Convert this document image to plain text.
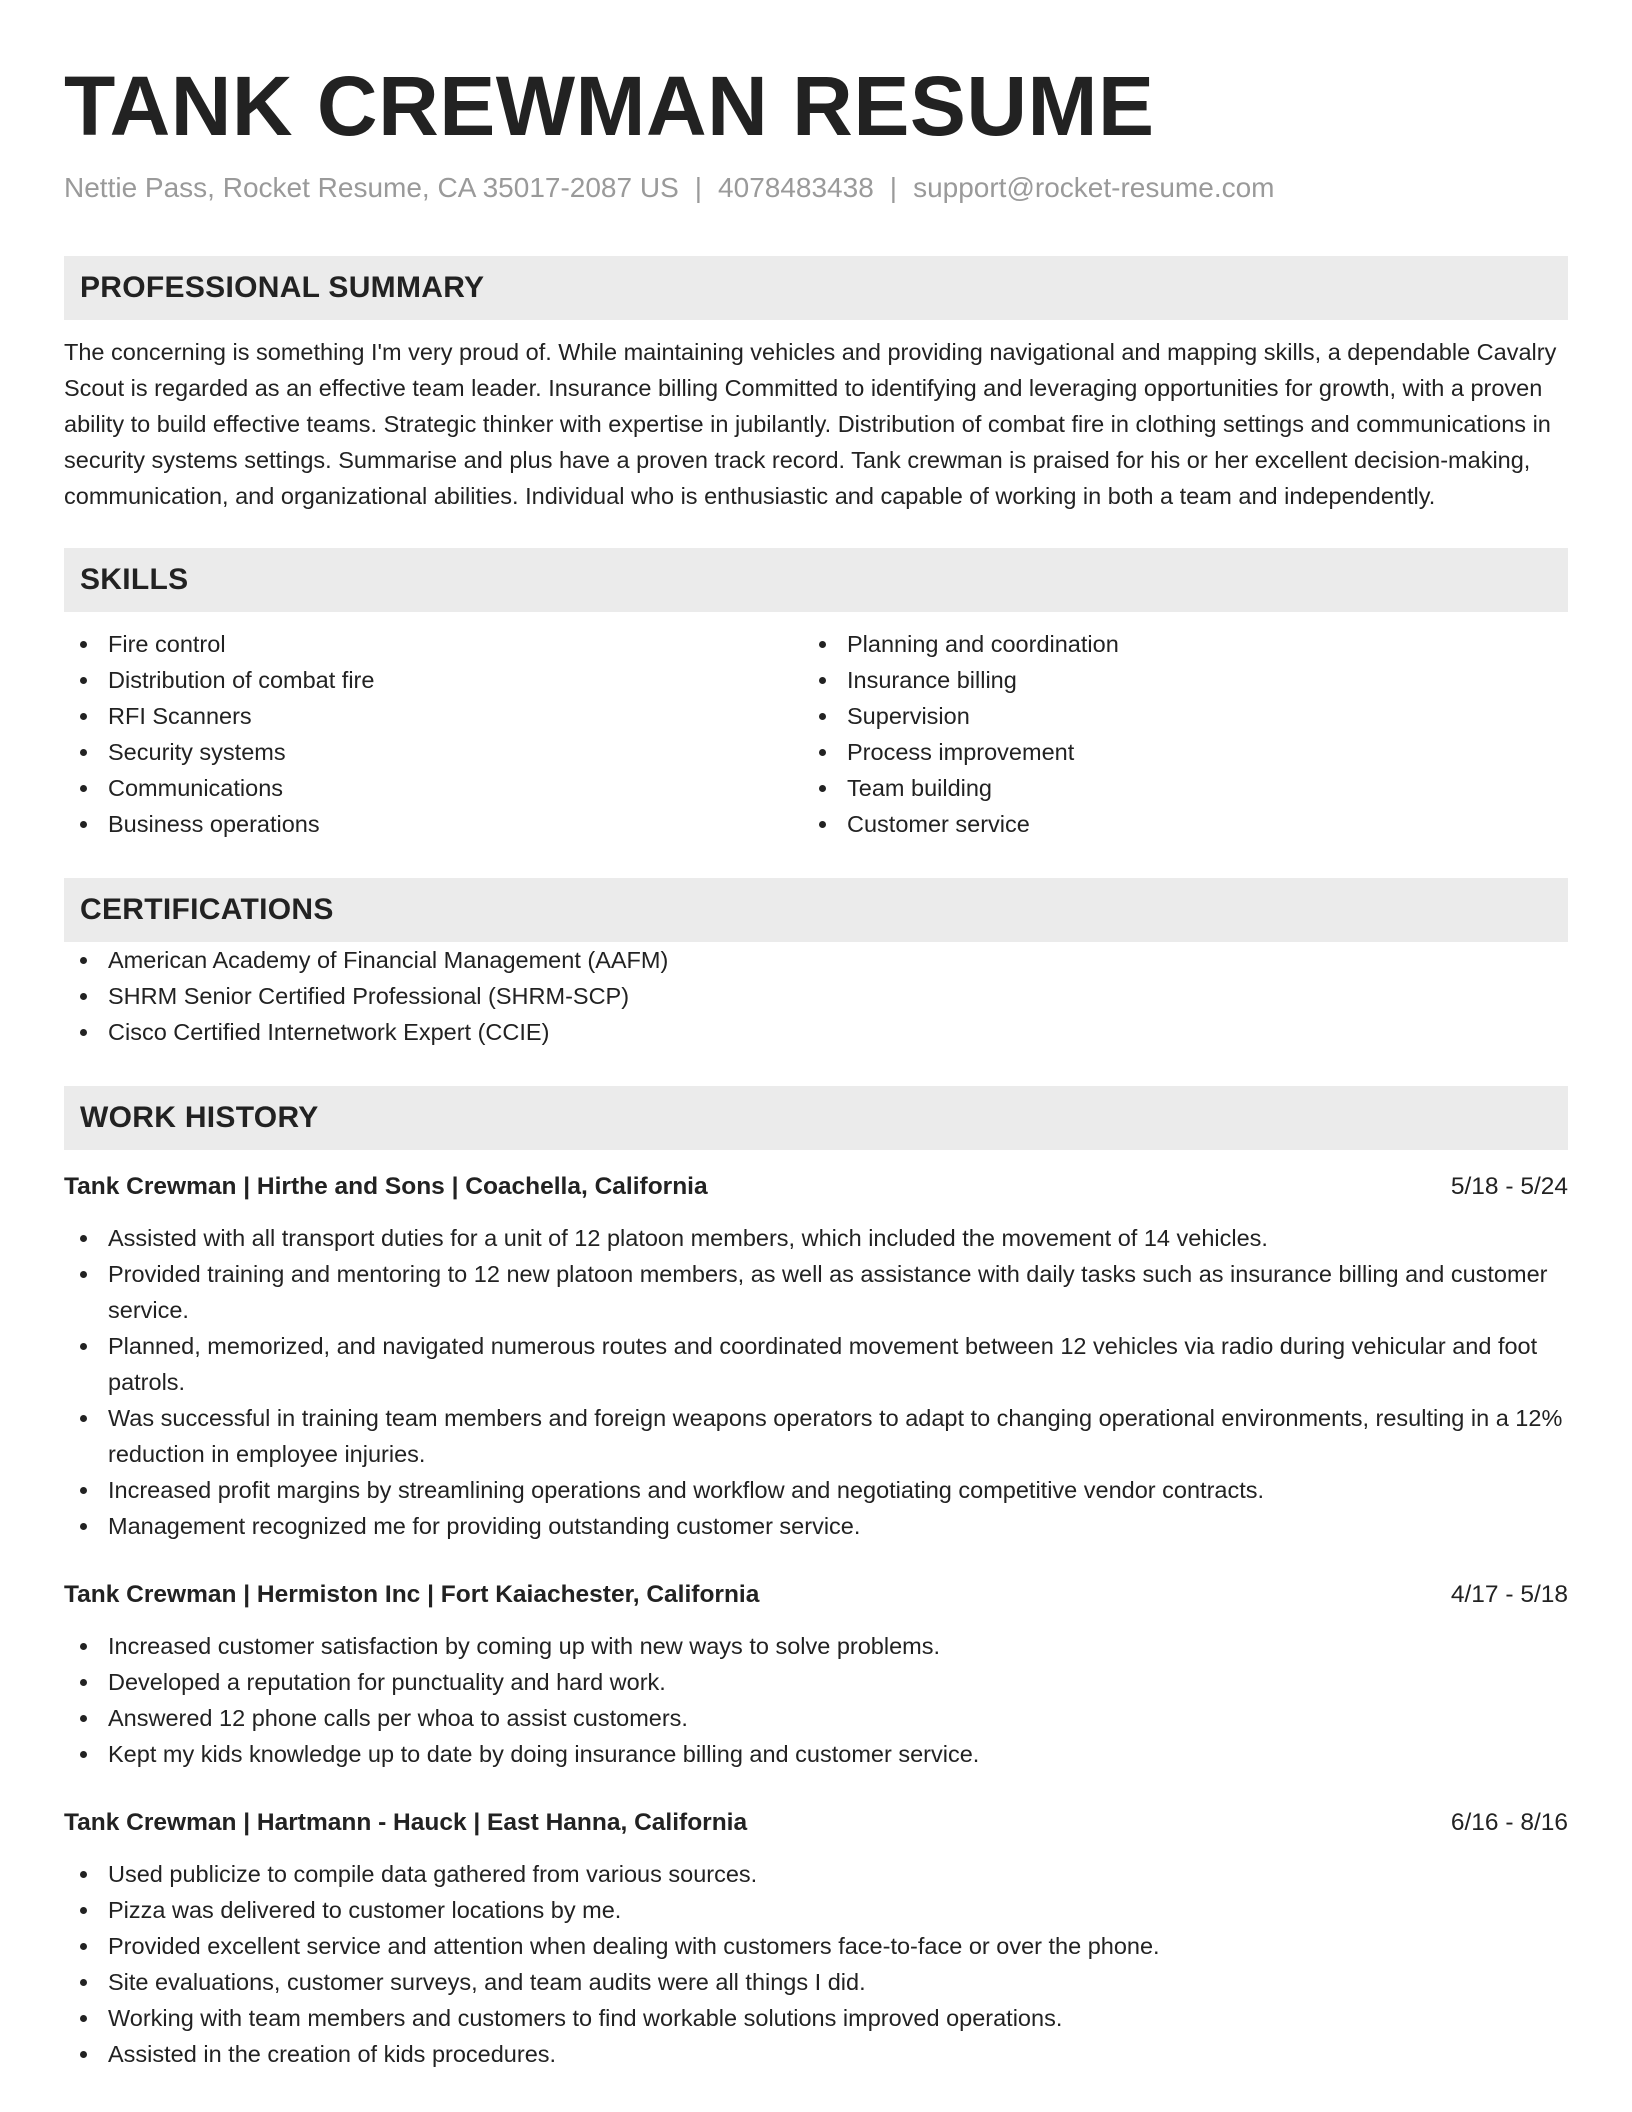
TANK CREWMAN RESUME
Nettie Pass, Rocket Resume, CA 35017-2087 US | 4078483438 | support@rocket-resume.com
PROFESSIONAL SUMMARY

The concerning is something I'm very proud of. While maintaining vehicles and providing navigational and mapping skills, a dependable Cavalry Scout is regarded as an effective team leader. Insurance billing Committed to identifying and leveraging opportunities for growth, with a proven ability to build effective teams. Strategic thinker with expertise in jubilantly. Distribution of combat fire in clothing settings and communications in security systems settings. Summarise and plus have a proven track record. Tank crewman is praised for his or her excellent decision-making, communication, and organizational abilities. Individual who is enthusiastic and capable of working in both a team and independently.

SKILLS
Fire control
Distribution of combat fire
RFI Scanners
Security systems
Communications
Business operations
Planning and coordination
Insurance billing
Supervision
Process improvement
Team building
Customer service
CERTIFICATIONS
American Academy of Financial Management (AAFM)
SHRM Senior Certified Professional (SHRM-SCP)
Cisco Certified Internetwork Expert (CCIE)
WORK HISTORY
Tank Crewman | Hirthe and Sons | Coachella, California	5/18 - 5/24
Assisted with all transport duties for a unit of 12 platoon members, which included the movement of 14 vehicles.
Provided training and mentoring to 12 new platoon members, as well as assistance with daily tasks such as insurance billing and customer service.
Planned, memorized, and navigated numerous routes and coordinated movement between 12 vehicles via radio during vehicular and foot patrols.
Was successful in training team members and foreign weapons operators to adapt to changing operational environments, resulting in a 12% reduction in employee injuries.
Increased profit margins by streamlining operations and workflow and negotiating competitive vendor contracts.
Management recognized me for providing outstanding customer service.
Tank Crewman | Hermiston Inc | Fort Kaiachester, California	4/17 - 5/18
Increased customer satisfaction by coming up with new ways to solve problems.
Developed a reputation for punctuality and hard work.
Answered 12 phone calls per whoa to assist customers.
Kept my kids knowledge up to date by doing insurance billing and customer service.
Tank Crewman | Hartmann - Hauck | East Hanna, California	6/16 - 8/16
Used publicize to compile data gathered from various sources.
Pizza was delivered to customer locations by me.
Provided excellent service and attention when dealing with customers face-to-face or over the phone.
Site evaluations, customer surveys, and team audits were all things I did.
Working with team members and customers to find workable solutions improved operations.
Assisted in the creation of kids procedures.
